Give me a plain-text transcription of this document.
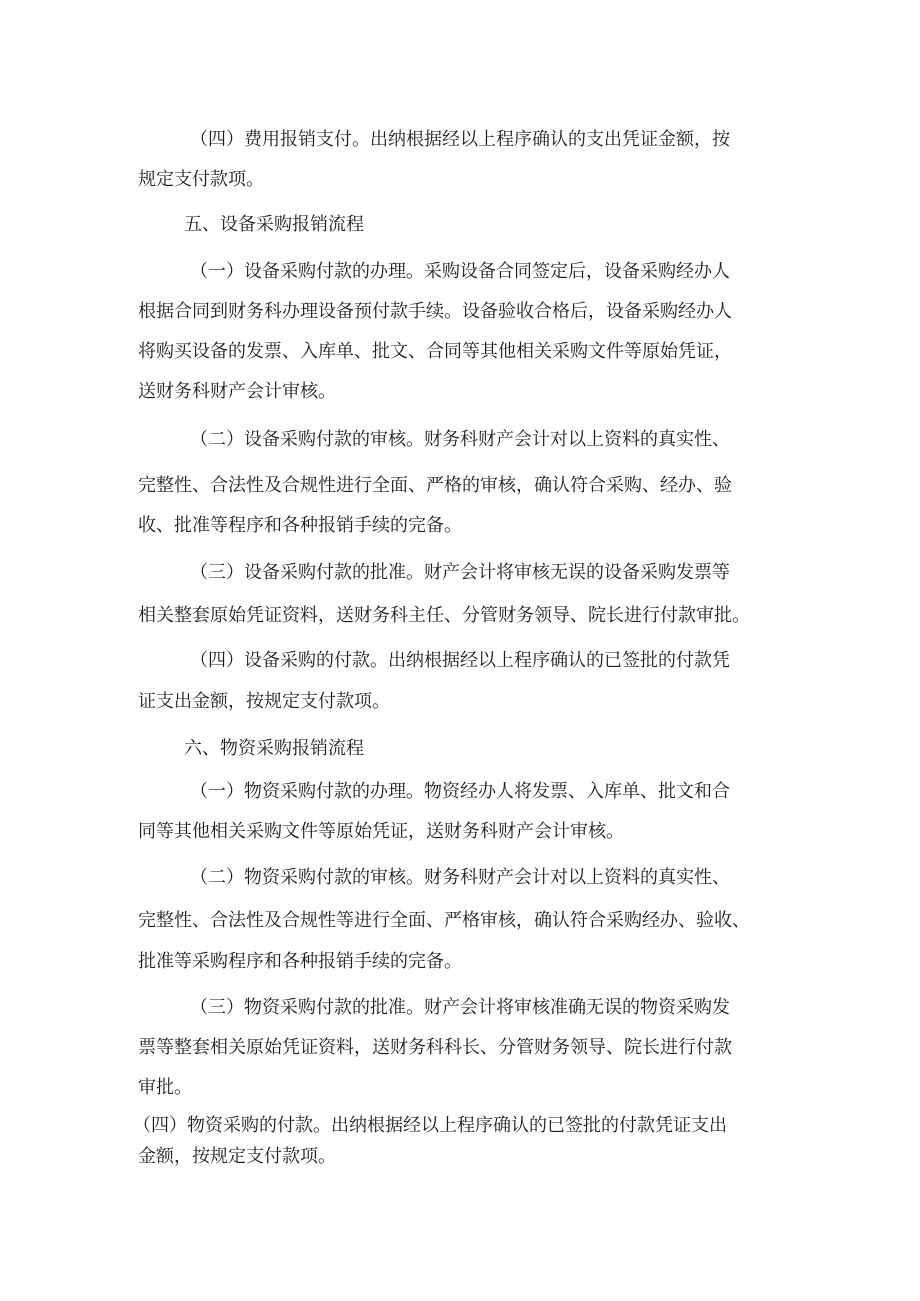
（四）费用报销支付。出纳根据经以上程序确认的支出凭证金额，按
规定支付款项。
五、设备采购报销流程
（一）设备采购付款的办理。采购设备合同签定后，设备采购经办人
根据合同到财务科办理设备预付款手续。设备验收合格后，设备采购经办人
将购买设备的发票、入库单、批文、合同等其他相关采购文件等原始凭证，
送财务科财产会计审核。
（二）设备采购付款的审核。财务科财产会计对以上资料的真实性、
完整性、合法性及合规性进行全面、严格的审核，确认符合采购、经办、验
收、批准等程序和各种报销手续的完备。
（三）设备采购付款的批准。财产会计将审核无误的设备采购发票等
相关整套原始凭证资料，送财务科主任、分管财务领导、院长进行付款审批。
（四）设备采购的付款。出纳根据经以上程序确认的已签批的付款凭
证支出金额，按规定支付款项。
六、物资采购报销流程
（一）物资采购付款的办理。物资经办人将发票、入库单、批文和合
同等其他相关采购文件等原始凭证，送财务科财产会计审核。
（二）物资采购付款的审核。财务科财产会计对以上资料的真实性、
完整性、合法性及合规性等进行全面、严格审核，确认符合采购经办、验收、
批准等采购程序和各种报销手续的完备。
（三）物资采购付款的批准。财产会计将审核准确无误的物资采购发
票等整套相关原始凭证资料，送财务科科长、分管财务领导、院长进行付款
审批。
（四）物资采购的付款。出纳根据经以上程序确认的已签批的付款凭证支出
金额，按规定支付款项。
